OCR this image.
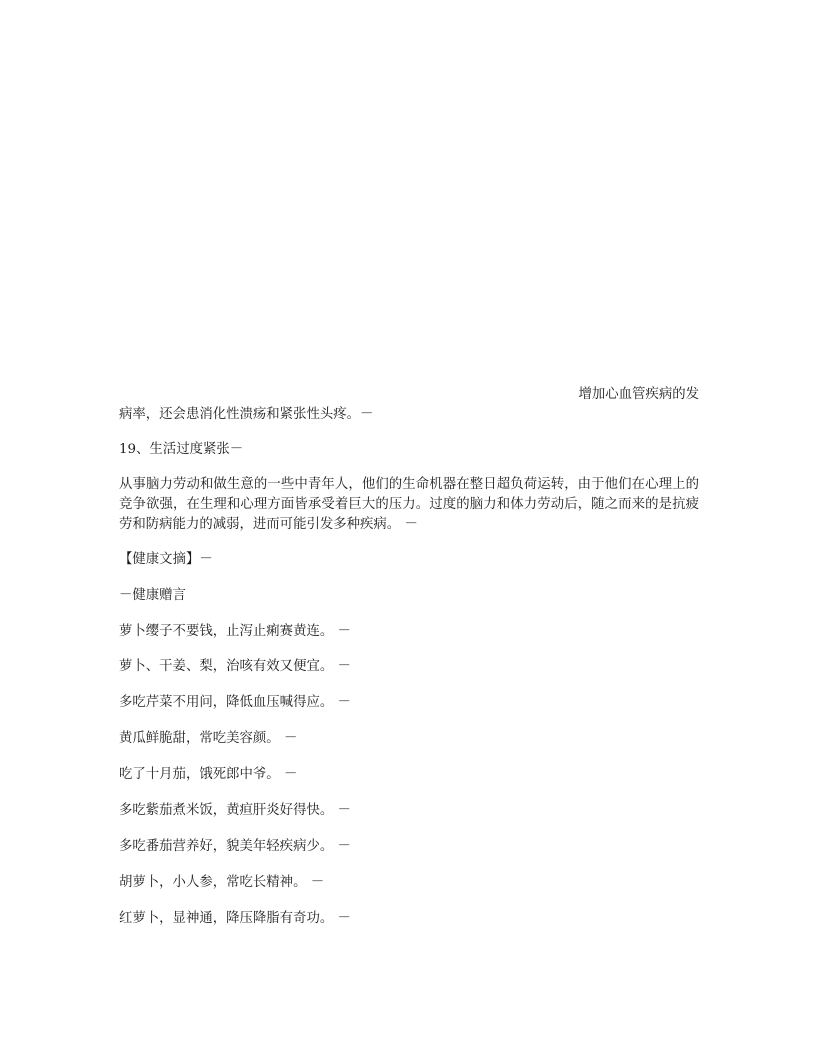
增加心血管疾病的发
病率，还会患消化性溃疡和紧张性头疼。－
19、生活过度紧张－
从事脑力劳动和做生意的一些中青年人，他们的生命机器在整日超负荷运转，由于他们在心理上的竞争欲强，在生理和心理方面皆承受着巨大的压力。过度的脑力和体力劳动后，随之而来的是抗疲劳和防病能力的减弱，进而可能引发多种疾病。 －
【健康文摘】－
－健康赠言
萝卜缨子不要钱，止泻止痢赛黄连。 －
萝卜、干姜、梨，治咳有效又便宜。 －
多吃芹菜不用问，降低血压喊得应。 －
黄瓜鲜脆甜，常吃美容颜。 －
吃了十月茄，饿死郎中爷。 －
多吃紫茄煮米饭，黄疸肝炎好得快。 －
多吃番茄营养好，貌美年轻疾病少。 －
胡萝卜，小人参，常吃长精神。 －
红萝卜，显神通，降压降脂有奇功。 －
